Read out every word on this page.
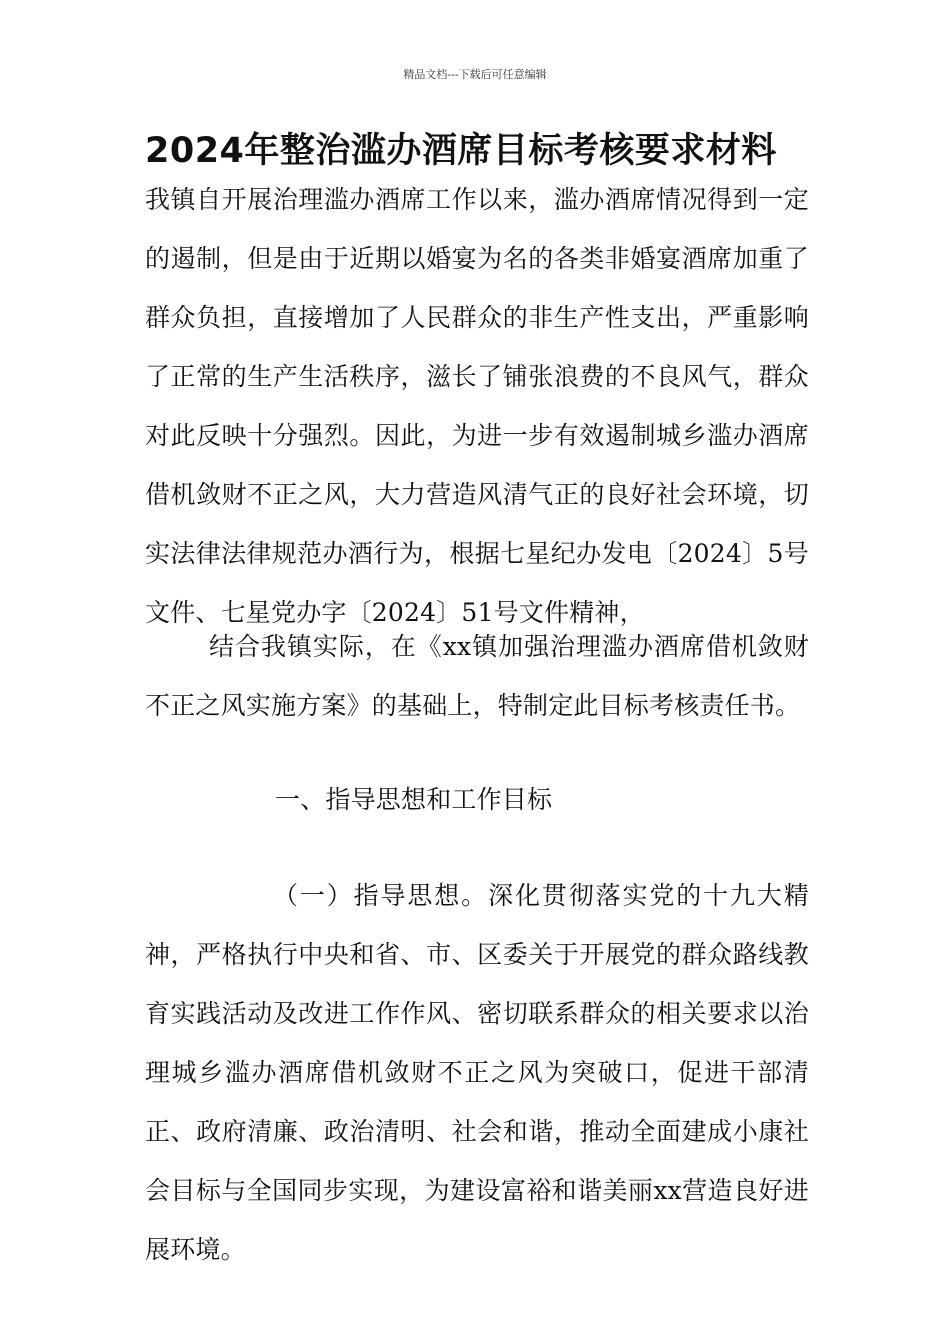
精品文档---下载后可任意编辑
2024年整治滥办酒席目标考核要求材料

我镇自开展治理滥办酒席工作以来，滥办酒席情况得到一定的遏制，但是由于近期以婚宴为名的各类非婚宴酒席加重了群众负担，直接增加了人民群众的非生产性支出，严重影响了正常的生产生活秩序，滋长了铺张浪费的不良风气，群众对此反映十分强烈。因此，为进一步有效遏制城乡滥办酒席借机敛财不正之风，大力营造风清气正的良好社会环境，切实法律法律规范办酒行为，根据七星纪办发电〔2024〕5号文件、七星党办字〔2024〕51号文件精神，

结合我镇实际，在《xx镇加强治理滥办酒席借机敛财不正之风实施方案》的基础上，特制定此目标考核责任书。

一、指导思想和工作目标

（一）指导思想。深化贯彻落实党的十九大精神，严格执行中央和省、市、区委关于开展党的群众路线教育实践活动及改进工作作风、密切联系群众的相关要求以治理城乡滥办酒席借机敛财不正之风为突破口，促进干部清正、政府清廉、政治清明、社会和谐，推动全面建成小康社会目标与全国同步实现，为建设富裕和谐美丽xx营造良好进展环境。
